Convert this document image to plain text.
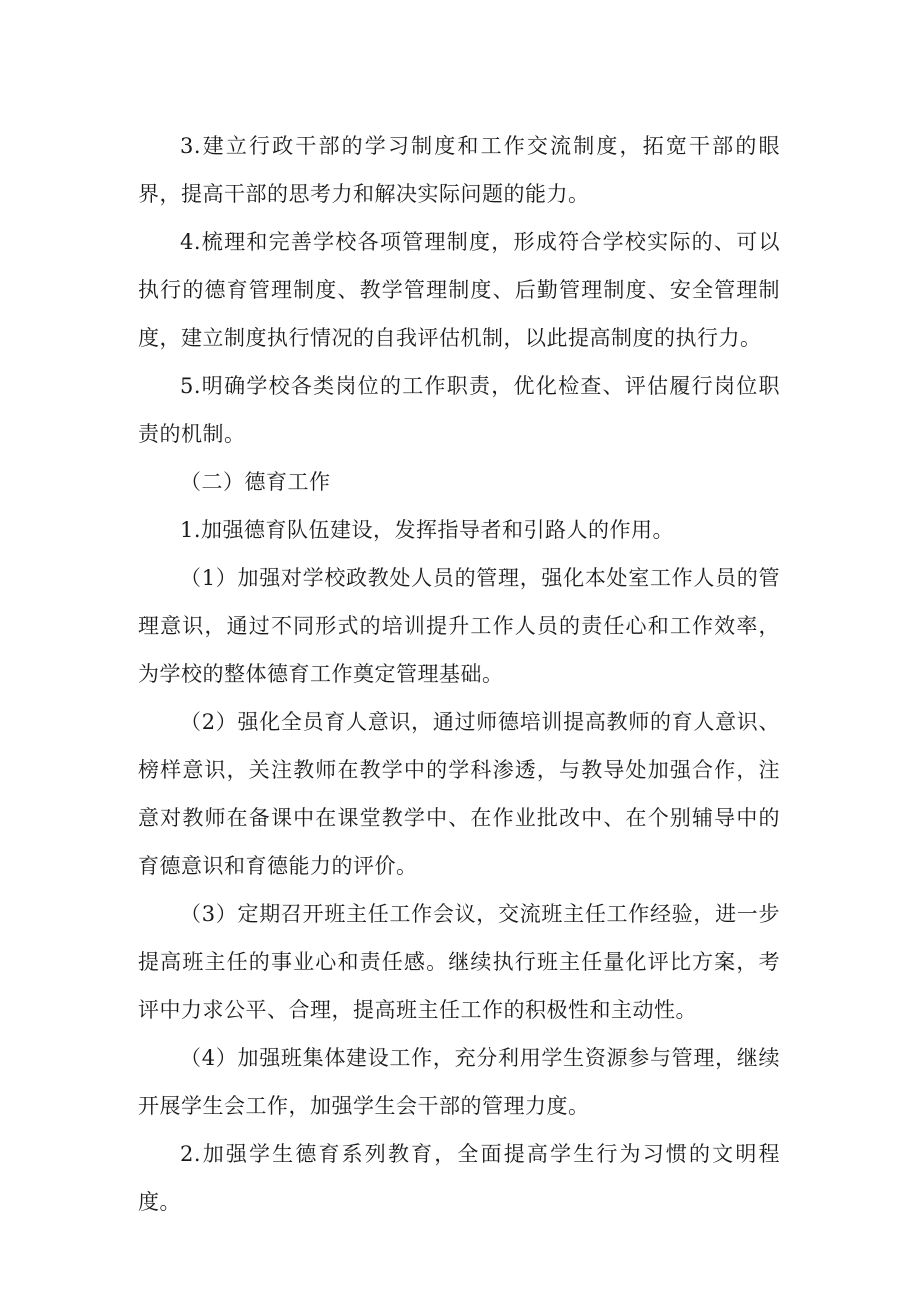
3.建立行政干部的学习制度和工作交流制度，拓宽干部的眼界，提高干部的思考力和解决实际问题的能力。

4.梳理和完善学校各项管理制度，形成符合学校实际的、可以执行的德育管理制度、教学管理制度、后勤管理制度、安全管理制度，建立制度执行情况的自我评估机制，以此提高制度的执行力。

5.明确学校各类岗位的工作职责，优化检查、评估履行岗位职责的机制。

（二）德育工作

1.加强德育队伍建设，发挥指导者和引路人的作用。

（1）加强对学校政教处人员的管理，强化本处室工作人员的管理意识，通过不同形式的培训提升工作人员的责任心和工作效率，为学校的整体德育工作奠定管理基础。

（2）强化全员育人意识，通过师德培训提高教师的育人意识、榜样意识，关注教师在教学中的学科渗透，与教导处加强合作，注意对教师在备课中在课堂教学中、在作业批改中、在个别辅导中的育德意识和育德能力的评价。

（3）定期召开班主任工作会议，交流班主任工作经验，进一步提高班主任的事业心和责任感。继续执行班主任量化评比方案，考评中力求公平、合理，提高班主任工作的积极性和主动性。

（4）加强班集体建设工作，充分利用学生资源参与管理，继续开展学生会工作，加强学生会干部的管理力度。

2.加强学生德育系列教育，全面提高学生行为习惯的文明程度。
